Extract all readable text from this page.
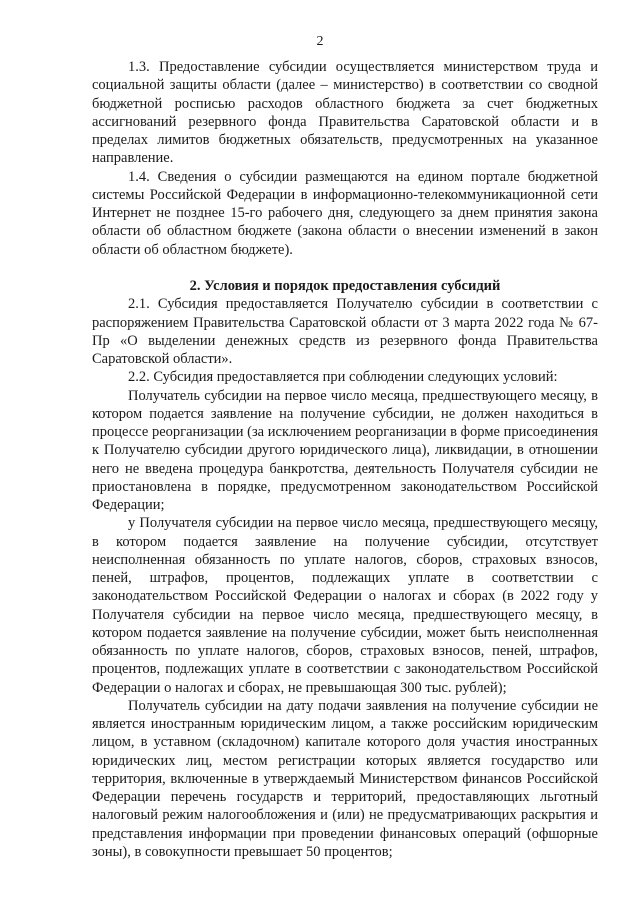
2

1.3. Предоставление субсидии осуществляется министерством труда и социальной защиты области (далее – министерство) в соответствии со сводной бюджетной росписью расходов областного бюджета за счет бюджетных ассигнований резервного фонда Правительства Саратовской области и в пределах лимитов бюджетных обязательств, предусмотренных на указанное направление.

1.4. Сведения о субсидии размещаются на едином портале бюджетной системы Российской Федерации в информационно-телекоммуникационной сети Интернет не позднее 15-го рабочего дня, следующего за днем принятия закона области об областном бюджете (закона области о внесении изменений в закон области об областном бюджете).

2. Условия и порядок предоставления субсидий

2.1. Субсидия предоставляется Получателю субсидии в соответствии с распоряжением Правительства Саратовской области от 3 марта 2022 года № 67-Пр «О выделении денежных средств из резервного фонда Правительства Саратовской области».

2.2. Субсидия предоставляется при соблюдении следующих условий:

Получатель субсидии на первое число месяца, предшествующего месяцу, в котором подается заявление на получение субсидии, не должен находиться в процессе реорганизации (за исключением реорганизации в форме присоединения к Получателю субсидии другого юридического лица), ликвидации, в отношении него не введена процедура банкротства, деятельность Получателя субсидии не приостановлена в порядке, предусмотренном законодательством Российской Федерации;

у Получателя субсидии на первое число месяца, предшествующего месяцу, в котором подается заявление на получение субсидии, отсутствует неисполненная обязанность по уплате налогов, сборов, страховых взносов, пеней, штрафов, процентов, подлежащих уплате в соответствии с законодательством Российской Федерации о налогах и сборах (в 2022 году у Получателя субсидии на первое число месяца, предшествующего месяцу, в котором подается заявление на получение субсидии, может быть неисполненная обязанность по уплате налогов, сборов, страховых взносов, пеней, штрафов, процентов, подлежащих уплате в соответствии с законодательством Российской Федерации о налогах и сборах, не превышающая 300 тыс. рублей);

Получатель субсидии на дату подачи заявления на получение субсидии не является иностранным юридическим лицом, а также российским юридическим лицом, в уставном (складочном) капитале которого доля участия иностранных юридических лиц, местом регистрации которых является государство или территория, включенные в утверждаемый Министерством финансов Российской Федерации перечень государств и территорий, предоставляющих льготный налоговый режим налогообложения и (или) не предусматривающих раскрытия и представления информации при проведении финансовых операций (офшорные зоны), в совокупности превышает 50 процентов;
